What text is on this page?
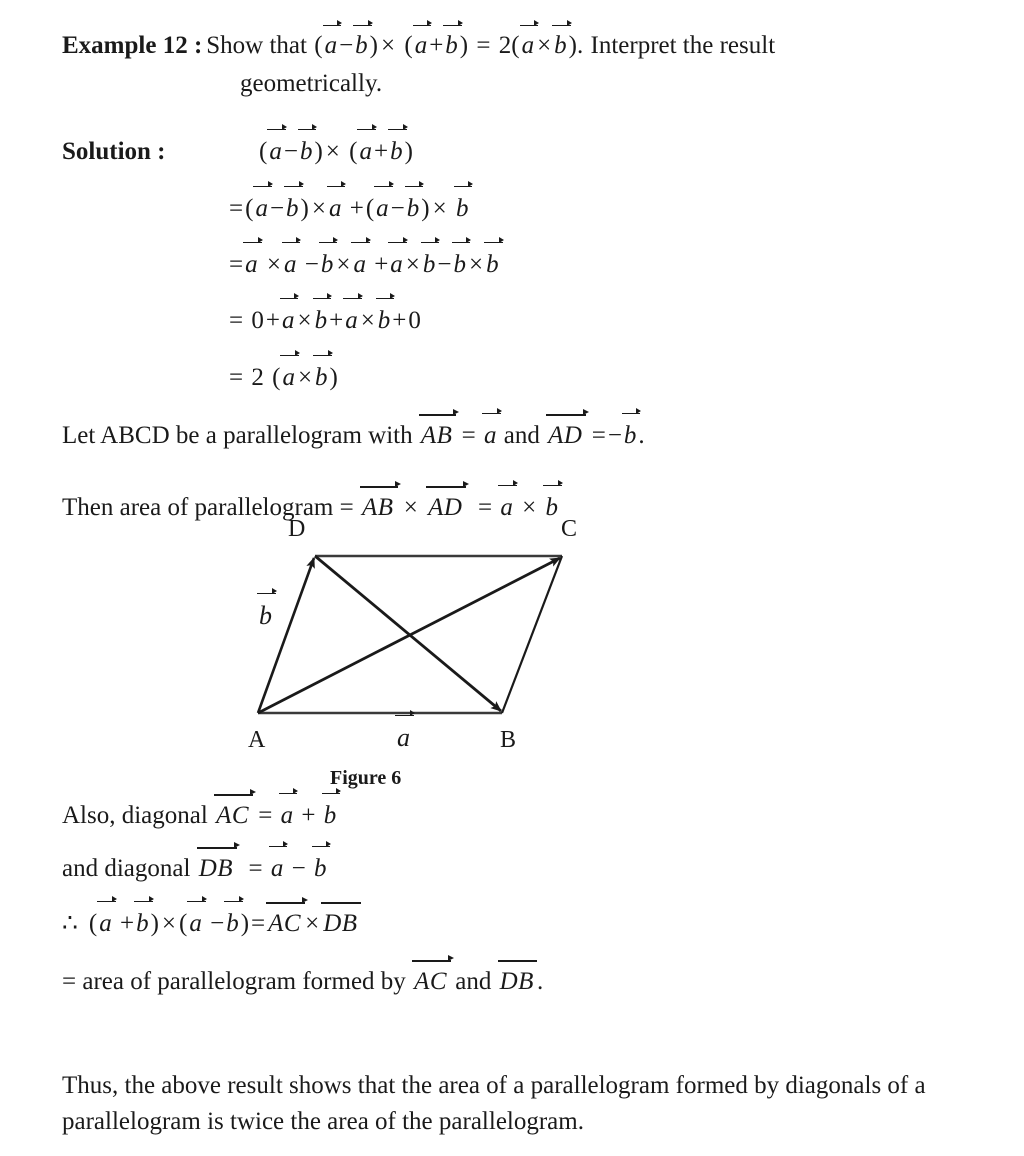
Example 12 : Show that (a−b) × (a+b) = 2(a × b). Interpret the result
geometrically.
Solution :	(a−b) × (a+b)
=(a−b) × a +(a−b) × b
=a × a −b × a +a × b−b × b
= 0+a × b+a × b+0
= 2 (a × b)
Let ABCD be a parallelogram with AB = a and AD =−b.
Then area of parallelogram = AB × AD = a × b
D	C
A	B
b
a
Figure 6
Also, diagonal AC = a + b
and diagonal DB = a − b
∴ (a +b) × (a −b)= AC × DB
= area of parallelogram formed by AC and DB .
Thus, the above result shows that the area of a parallelogram formed by diagonals of a parallelogram is twice the area of the parallelogram.
